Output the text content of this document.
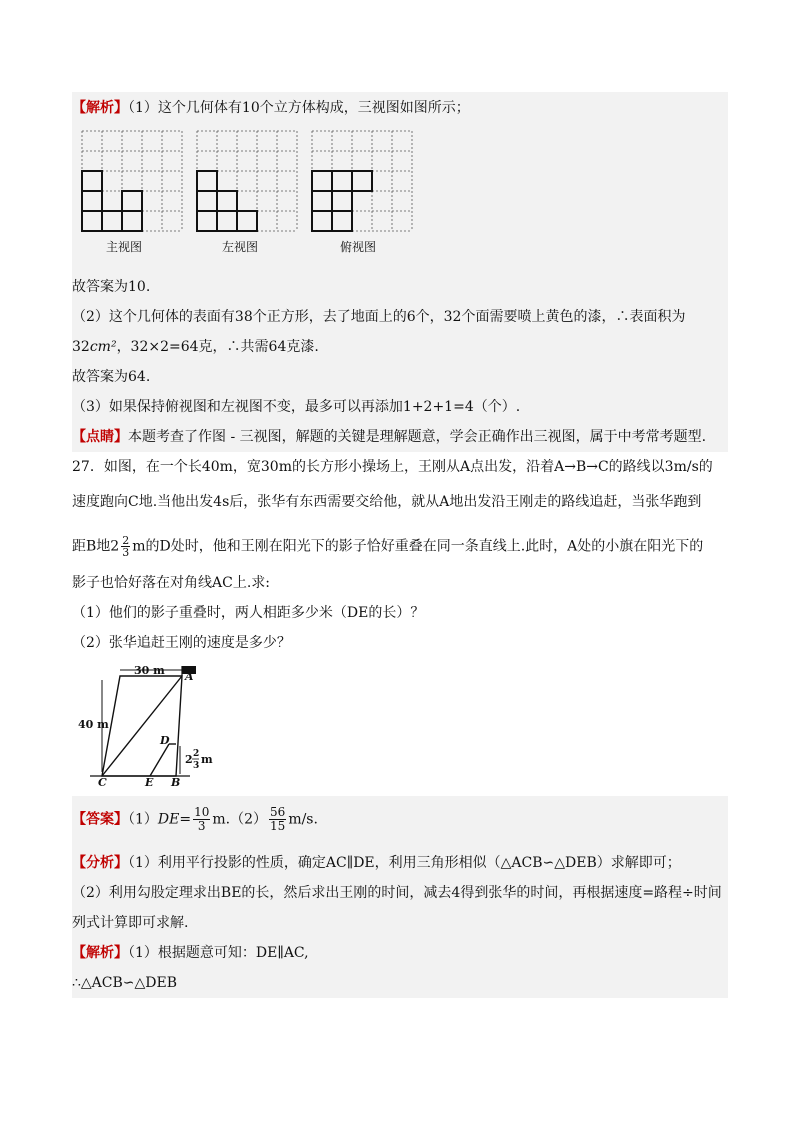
【解析】（1）这个几何体有10个立方体构成，三视图如图所示；
主视图	左视图	俯视图
故答案为10.
（2）这个几何体的表面有38个正方形，去了地面上的6个，32个面需要喷上黄色的漆，∴表面积为
32cm²，32×2=64克，∴共需64克漆.
故答案为64.
（3）如果保持俯视图和左视图不变，最多可以再添加1+2+1=4（个）.
【点睛】本题考查了作图 - 三视图，解题的关键是理解题意，学会正确作出三视图，属于中考常考题型.
27．如图，在一个长40m，宽30m的长方形小操场上，王刚从A点出发，沿着A→B→C的路线以3m/s的
速度跑向C地.当他出发4s后，张华有东西需要交给他，就从A地出发沿王刚走的路线追赶，当张华跑到
距B地$2 \frac{2}{3}$ m的D处时，他和王刚在阳光下的影子恰好重叠在同一条直线上.此时，A处的小旗在阳光下的
影子也恰好落在对角线AC上.求:
（1）他们的影子重叠时，两人相距多少米（DE的长）？
（2）张华追赶王刚的速度是多少？
30 m
40 m
A
D
C	E B
2 2
3 m
【答案】$(1)DE= \frac{10}{3} m.(2) \frac{56}{15} m/s$.
【分析】（1）利用平行投影的性质，确定AC∥DE，利用三角形相似（△ACB∽△DEB）求解即可；
（2）利用勾股定理求出BE的长，然后求出王刚的时间，减去4得到张华的时间，再根据速度=路程÷时间
列式计算即可求解.
【解析】（1）根据题意可知：DE∥AC,
∴△ACB∽△DEB
